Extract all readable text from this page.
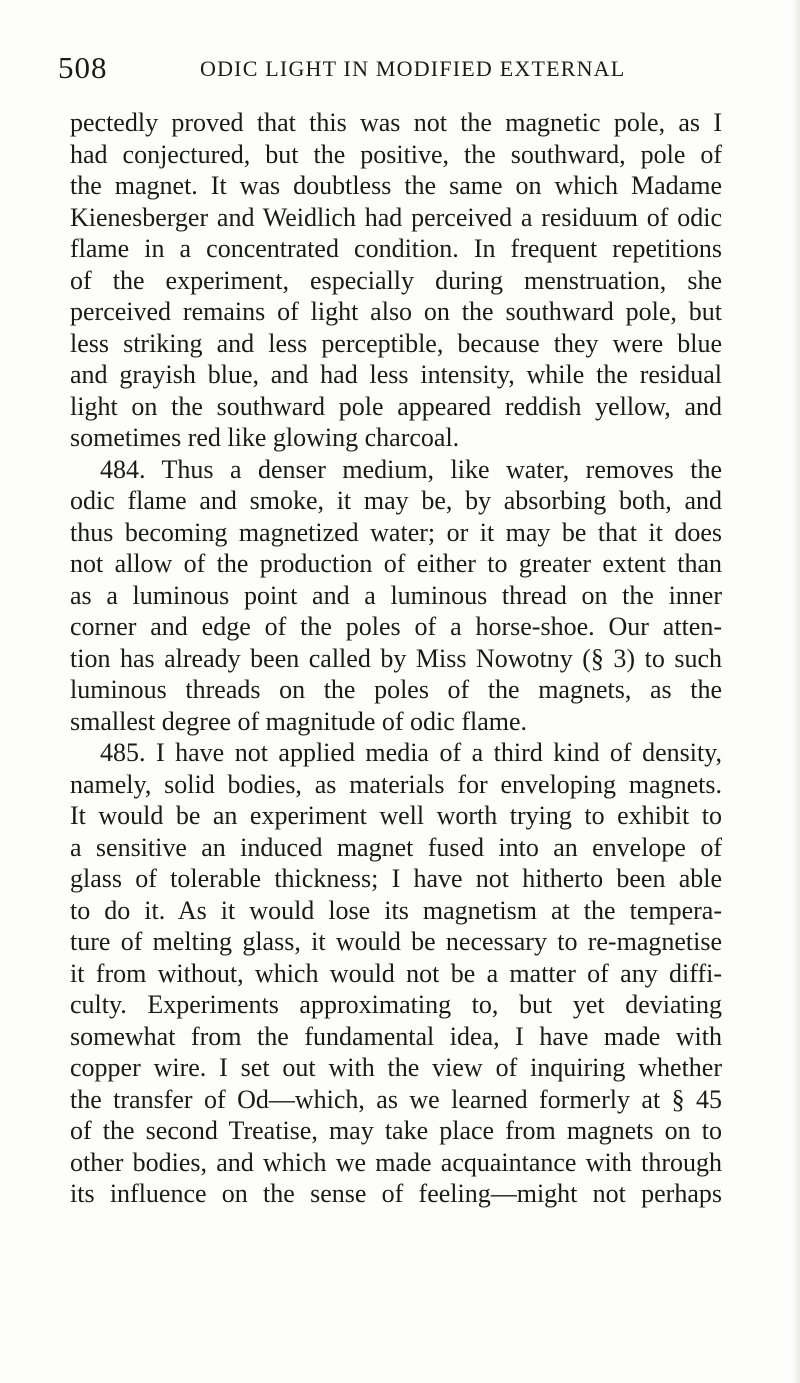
508	ODIC LIGHT IN MODIFIED EXTERNAL
pectedly proved that this was not the magnetic pole, as I
had conjectured, but the positive, the southward, pole of
the magnet. It was doubtless the same on which Madame
Kienesberger and Weidlich had perceived a residuum of odic
flame in a concentrated condition. In frequent repetitions
of the experiment, especially during menstruation, she
perceived remains of light also on the southward pole, but
less striking and less perceptible, because they were blue
and grayish blue, and had less intensity, while the residual
light on the southward pole appeared reddish yellow, and
sometimes red like glowing charcoal.
484. Thus a denser medium, like water, removes the
odic flame and smoke, it may be, by absorbing both, and
thus becoming magnetized water; or it may be that it does
not allow of the production of either to greater extent than
as a luminous point and a luminous thread on the inner
corner and edge of the poles of a horse-shoe. Our atten-
tion has already been called by Miss Nowotny (§ 3) to such
luminous threads on the poles of the magnets, as the
smallest degree of magnitude of odic flame.
485. I have not applied media of a third kind of density,
namely, solid bodies, as materials for enveloping magnets.
It would be an experiment well worth trying to exhibit to
a sensitive an induced magnet fused into an envelope of
glass of tolerable thickness; I have not hitherto been able
to do it. As it would lose its magnetism at the tempera-
ture of melting glass, it would be necessary to re-magnetise
it from without, which would not be a matter of any diffi-
culty. Experiments approximating to, but yet deviating
somewhat from the fundamental idea, I have made with
copper wire. I set out with the view of inquiring whether
the transfer of Od—which, as we learned formerly at § 45
of the second Treatise, may take place from magnets on to
other bodies, and which we made acquaintance with through
its influence on the sense of feeling—might not perhaps
